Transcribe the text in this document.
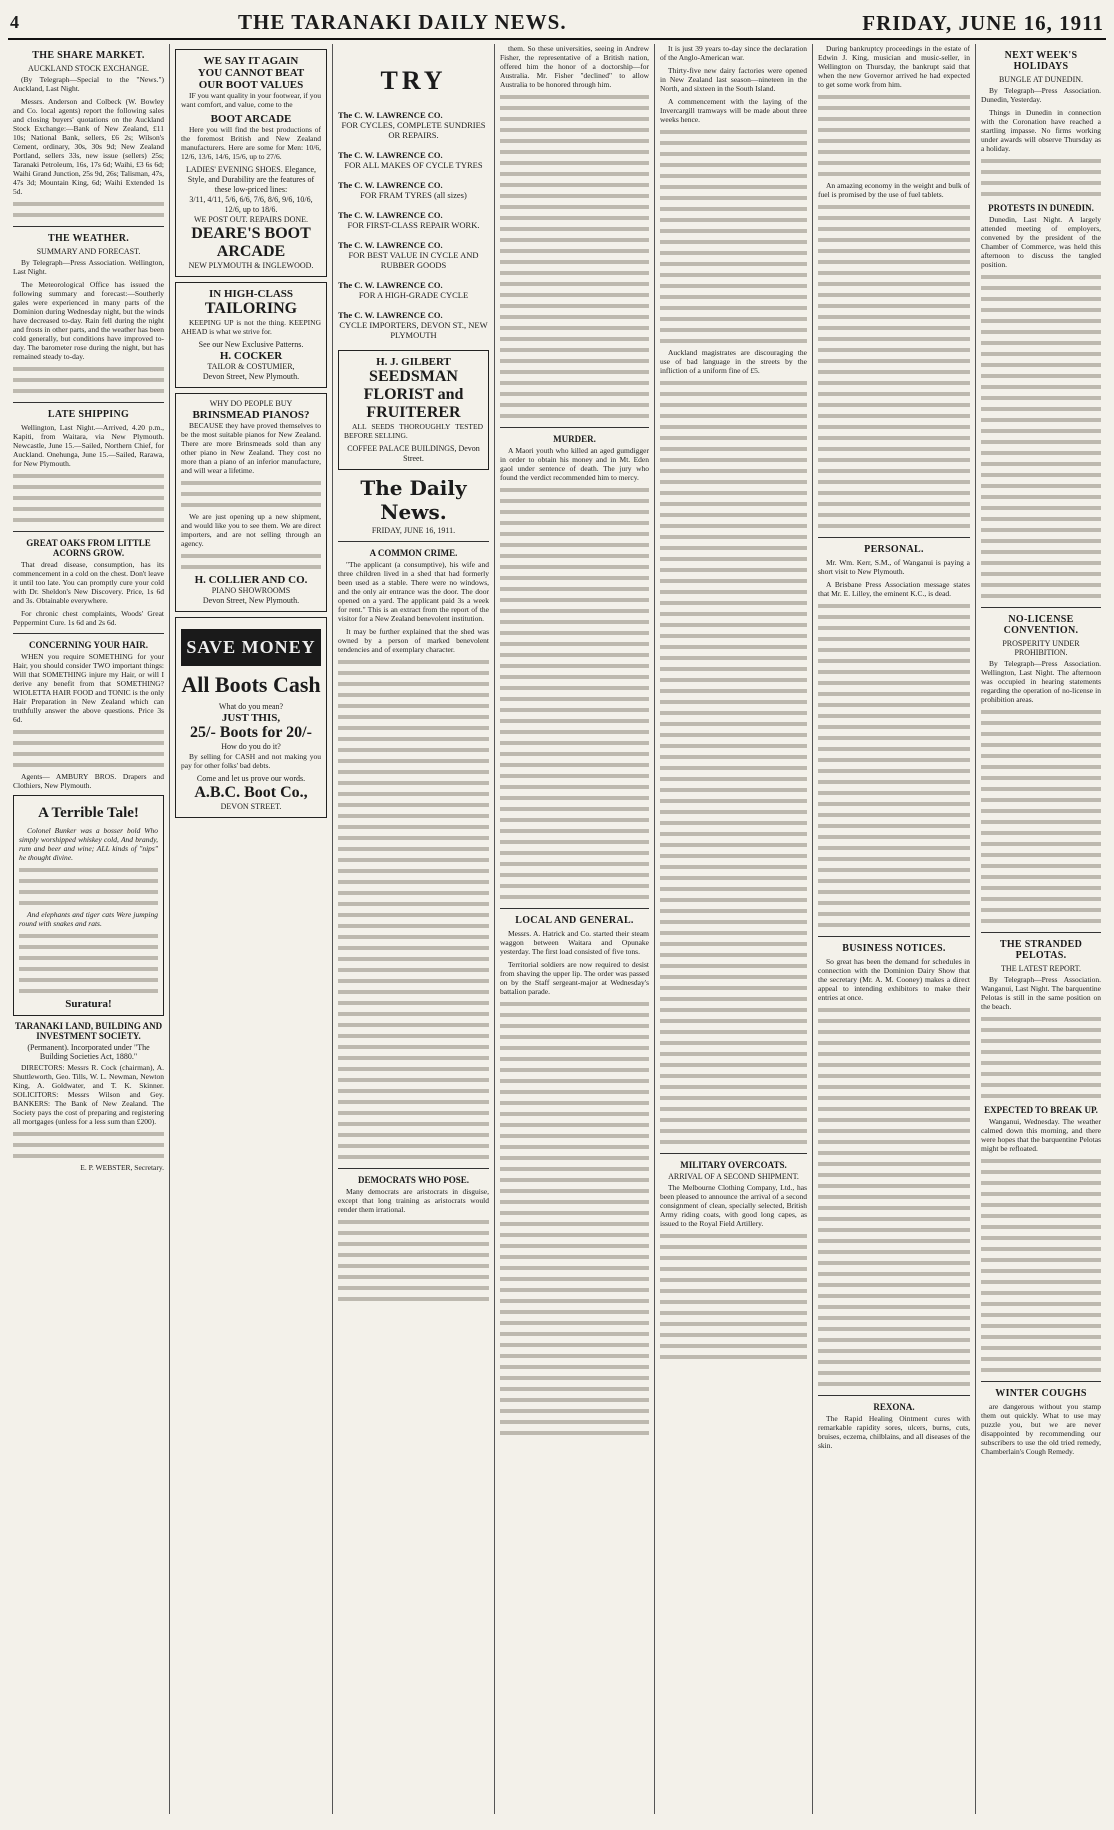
4	THE TARANAKI DAILY NEWS.	FRIDAY, JUNE 16, 1911
THE SHARE MARKET.
AUCKLAND STOCK EXCHANGE.

(By Telegraph—Special to the "News.") Auckland, Last Night.

Messrs. Anderson and Colbeck (W. Bowley and Co. local agents) report the following sales and closing buyers' quotations on the Auckland Stock Exchange:—Bank of New Zealand, £11 10s; National Bank, sellers, £6 2s; Wilson's Cement, ordinary, 30s, 30s 9d; New Zealand Portland, sellers 33s, new issue (sellers) 25s; Taranaki Petroleum, 16s, 17s 6d; Waihi, £3 6s 6d; Waihi Grand Junction, 25s 9d, 26s; Talisman, 47s, 47s 3d; Mountain King, 6d; Waihi Extended 1s 5d.

THE WEATHER.
SUMMARY AND FORECAST.

By Telegraph—Press Association. Wellington, Last Night.

The Meteorological Office has issued the following summary and forecast:—Southerly gales were experienced in many parts of the Dominion during Wednesday night, but the winds have decreased to-day. Rain fell during the night and frosts in other parts, and the weather has been cold generally, but conditions have improved to-day. The barometer rose during the night, but has remained steady to-day.

LATE SHIPPING

Wellington, Last Night.—Arrived, 4.20 p.m., Kapiti, from Waitara, via New Plymouth. Newcastle, June 15.—Sailed, Northern Chief, for Auckland. Onehunga, June 15.—Sailed, Rarawa, for New Plymouth.

GREAT OAKS FROM LITTLE ACORNS GROW.

That dread disease, consumption, has its commencement in a cold on the chest. Don't leave it until too late. You can promptly cure your cold with Dr. Sheldon's New Discovery. Price, 1s 6d and 3s. Obtainable everywhere.

For chronic chest complaints, Woods' Great Peppermint Cure. 1s 6d and 2s 6d.

CONCERNING YOUR HAIR.

WHEN you require SOMETHING for your Hair, you should consider TWO important things: Will that SOMETHING injure my Hair, or will I derive any benefit from that SOMETHING? WIOLETTA HAIR FOOD and TONIC is the only Hair Preparation in New Zealand which can truthfully answer the above questions. Price 3s 6d.

Agents— AMBURY BROS. Drapers and Clothiers, New Plymouth.

A Terrible Tale!

Colonel Bunker was a bosser bold Who simply worshipped whiskey cold, And brandy, rum and beer and wine; ALL kinds of "nips" he thought divine.

And elephants and tiger cats Were jumping round with snakes and rats.

Suratura!
TARANAKI LAND, BUILDING AND INVESTMENT SOCIETY.
(Permanent). Incorporated under "The Building Societies Act, 1880."

DIRECTORS: Messrs R. Cock (chairman), A. Shuttleworth, Geo. Tills, W. L. Newman, Newton King, A. Goldwater, and T. K. Skinner. SOLICITORS: Messrs Wilson and Gey. BANKERS: The Bank of New Zealand. The Society pays the cost of preparing and registering all mortgages (unless for a less sum than £200).

E. P. WEBSTER, Secretary.

WE SAY IT AGAIN
YOU CANNOT BEAT
OUR BOOT VALUES

IF you want quality in your footwear, if you want comfort, and value, come to the

BOOT ARCADE

Here you will find the best productions of the foremost British and New Zealand manufacturers. Here are some for Men: 10/6, 12/6, 13/6, 14/6, 15/6, up to 27/6.

LADIES' EVENING SHOES. Elegance, Style, and Durability are the features of these low-priced lines:
3/11, 4/11, 5/6, 6/6, 7/6, 8/6, 9/6, 10/6, 12/6, up to 18/6.
WE POST OUT. REPAIRS DONE.
DEARE'S BOOT ARCADE
NEW PLYMOUTH & INGLEWOOD.
IN HIGH-CLASS
TAILORING

KEEPING UP is not the thing. KEEPING AHEAD is what we strive for.

See our New Exclusive Patterns.
H. COCKER
TAILOR & COSTUMIER,
Devon Street, New Plymouth.
WHY DO PEOPLE BUY
BRINSMEAD PIANOS?

BECAUSE they have proved themselves to be the most suitable pianos for New Zealand. There are more Brinsmeads sold than any other piano in New Zealand. They cost no more than a piano of an inferior manufacture, and will wear a lifetime.

We are just opening up a new shipment, and would like you to see them. We are direct importers, and are not selling through an agency.

H. COLLIER AND CO.
PIANO SHOWROOMS
Devon Street, New Plymouth.
SAVE MONEY
All Boots Cash
What do you mean?
JUST THIS,
25/- Boots for 20/-
How do you do it?

By selling for CASH and not making you pay for other folks' bad debts.

Come and let us prove our words.
A.B.C. Boot Co.,
DEVON STREET.
TRY
The C. W. LAWRENCE CO.
FOR CYCLES, COMPLETE SUNDRIES OR REPAIRS.
The C. W. LAWRENCE CO.
FOR ALL MAKES OF CYCLE TYRES
The C. W. LAWRENCE CO.
FOR FRAM TYRES (all sizes)
The C. W. LAWRENCE CO.
FOR FIRST-CLASS REPAIR WORK.
The C. W. LAWRENCE CO.
FOR BEST VALUE IN CYCLE AND RUBBER GOODS
The C. W. LAWRENCE CO.
FOR A HIGH-GRADE CYCLE
The C. W. LAWRENCE CO.
CYCLE IMPORTERS, DEVON ST., NEW PLYMOUTH
H. J. GILBERT
SEEDSMAN FLORIST and FRUITERER

ALL SEEDS THOROUGHLY TESTED BEFORE SELLING.

COFFEE PALACE BUILDINGS, Devon Street.
The Daily News.
FRIDAY, JUNE 16, 1911.
A COMMON CRIME.

"The applicant (a consumptive), his wife and three children lived in a shed that had formerly been used as a stable. There were no windows, and the only air entrance was the door. The door opened on a yard. The applicant paid 3s a week for rent." This is an extract from the report of the visitor for a New Zealand benevolent institution.

It may be further explained that the shed was owned by a person of marked benevolent tendencies and of exemplary character.

DEMOCRATS WHO POSE.

Many democrats are aristocrats in disguise, except that long training as aristocrats would render them irrational.

them. So these universities, seeing in Andrew Fisher, the representative of a British nation, offered him the honor of a doctorship—for Australia. Mr. Fisher "declined" to allow Australia to be honored through him.

MURDER.

A Maori youth who killed an aged gumdigger in order to obtain his money and in Mt. Eden gaol under sentence of death. The jury who found the verdict recommended him to mercy.

LOCAL AND GENERAL.

Messrs. A. Hatrick and Co. started their steam waggon between Waitara and Opunake yesterday. The first load consisted of five tons.

Territorial soldiers are now required to desist from shaving the upper lip. The order was passed on by the Staff sergeant-major at Wednesday's battalion parade.

It is just 39 years to-day since the declaration of the Anglo-American war.

Thirty-five new dairy factories were opened in New Zealand last season—nineteen in the North, and sixteen in the South Island.

A commencement with the laying of the Invercargill tramways will be made about three weeks hence.

Auckland magistrates are discouraging the use of bad language in the streets by the infliction of a uniform fine of £5.

MILITARY OVERCOATS.
ARRIVAL OF A SECOND SHIPMENT.

The Melbourne Clothing Company, Ltd., has been pleased to announce the arrival of a second consignment of clean, specially selected, British Army riding coats, with good long capes, as issued to the Royal Field Artillery.

During bankruptcy proceedings in the estate of Edwin J. King, musician and music-seller, in Wellington on Thursday, the bankrupt said that when the new Governor arrived he had expected to get some work from him.

An amazing economy in the weight and bulk of fuel is promised by the use of fuel tablets.

PERSONAL.

Mr. Wm. Kerr, S.M., of Wanganui is paying a short visit to New Plymouth.

A Brisbane Press Association message states that Mr. E. Lilley, the eminent K.C., is dead.

BUSINESS NOTICES.

So great has been the demand for schedules in connection with the Dominion Dairy Show that the secretary (Mr. A. M. Cooney) makes a direct appeal to intending exhibitors to make their entries at once.

REXONA.

The Rapid Healing Ointment cures with remarkable rapidity sores, ulcers, burns, cuts, bruises, eczema, chilblains, and all diseases of the skin.

NEXT WEEK'S HOLIDAYS
BUNGLE AT DUNEDIN.

By Telegraph—Press Association. Dunedin, Yesterday.

Things in Dunedin in connection with the Coronation have reached a startling impasse. No firms working under awards will observe Thursday as a holiday.

PROTESTS IN DUNEDIN.

Dunedin, Last Night. A largely attended meeting of employers, convened by the president of the Chamber of Commerce, was held this afternoon to discuss the tangled position.

NO-LICENSE CONVENTION.
PROSPERITY UNDER PROHIBITION.

By Telegraph—Press Association. Wellington, Last Night. The afternoon was occupied in hearing statements regarding the operation of no-license in prohibition areas.

THE STRANDED PELOTAS.
THE LATEST REPORT.

By Telegraph—Press Association. Wanganui, Last Night. The barquentine Pelotas is still in the same position on the beach.

EXPECTED TO BREAK UP.

Wanganui, Wednesday. The weather calmed down this morning, and there were hopes that the barquentine Pelotas might be refloated.

WINTER COUGHS

are dangerous without you stamp them out quickly. What to use may puzzle you, but we are never disappointed by recommending our subscribers to use the old tried remedy, Chamberlain's Cough Remedy.
